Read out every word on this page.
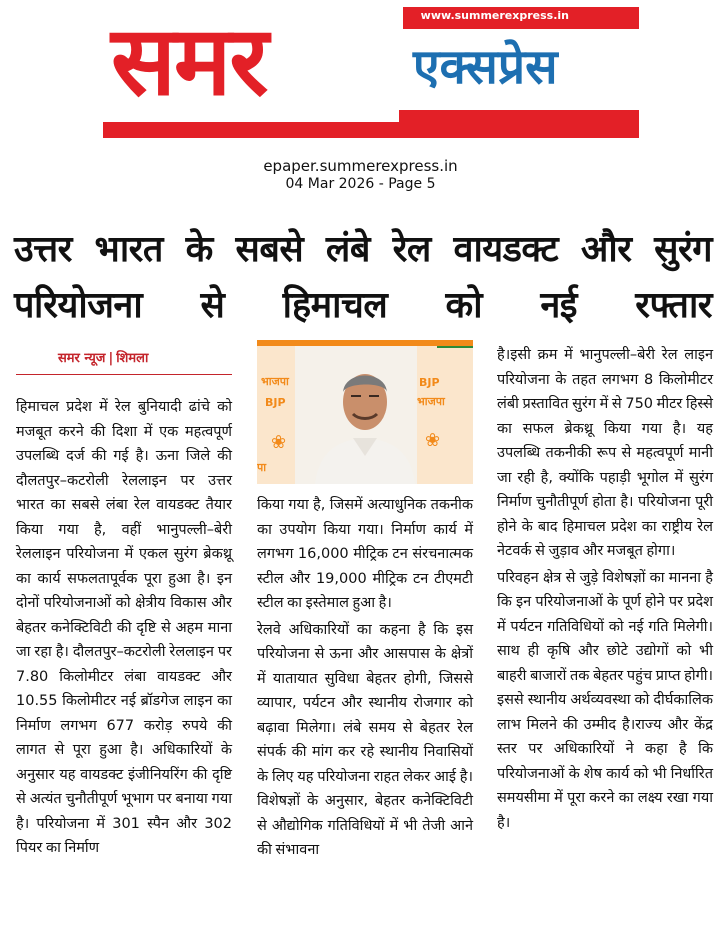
www.summerexpress.in
समर	एक्सप्रेस
epaper.summerexpress.in
04 Mar 2026 - Page 5
उत्तर भारत के सबसे लंबे रेल वायडक्ट और सुरंग परियोजना से हिमाचल को नई रफ्तार
समर न्यूज | शिमला
भाजपा
BJP
BJP
भाजपा
पा
❀	❀

हिमाचल प्रदेश में रेल बुनियादी ढांचे को मजबूत करने की दिशा में एक महत्वपूर्ण उपलब्धि दर्ज की गई है। ऊना जिले की दौलतपुर–कटरोली रेललाइन पर उत्तर भारत का सबसे लंबा रेल वायडक्ट तैयार किया गया है, वहीं भानुपल्ली–बेरी रेललाइन परियोजना में एकल सुरंग ब्रेकथ्रू का कार्य सफलतापूर्वक पूरा हुआ है। इन दोनों परियोजनाओं को क्षेत्रीय विकास और बेहतर कनेक्टिविटी की दृष्टि से अहम माना जा रहा है। दौलतपुर–कटरोली रेललाइन पर 7.80 किलोमीटर लंबा वायडक्ट और 10.55 किलोमीटर नई ब्रॉडगेज लाइन का निर्माण लगभग 677 करोड़ रुपये की लागत से पूरा हुआ है। अधिकारियों के अनुसार यह वायडक्ट इंजीनियरिंग की दृष्टि से अत्यंत चुनौतीपूर्ण भूभाग पर बनाया गया है। परियोजना में 301 स्पैन और 302 पियर का निर्माण

किया गया है, जिसमें अत्याधुनिक तकनीक का उपयोग किया गया। निर्माण कार्य में लगभग 16,000 मीट्रिक टन संरचनात्मक स्टील और 19,000 मीट्रिक टन टीएमटी स्टील का इस्तेमाल हुआ है।

रेलवे अधिकारियों का कहना है कि इस परियोजना से ऊना और आसपास के क्षेत्रों में यातायात सुविधा बेहतर होगी, जिससे व्यापार, पर्यटन और स्थानीय रोजगार को बढ़ावा मिलेगा। लंबे समय से बेहतर रेल संपर्क की मांग कर रहे स्थानीय निवासियों के लिए यह परियोजना राहत लेकर आई है। विशेषज्ञों के अनुसार, बेहतर कनेक्टिविटी से औद्योगिक गतिविधियों में भी तेजी आने की संभावना

है।इसी क्रम में भानुपल्ली–बेरी रेल लाइन परियोजना के तहत लगभग 8 किलोमीटर लंबी प्रस्तावित सुरंग में से 750 मीटर हिस्से का सफल ब्रेकथ्रू किया गया है। यह उपलब्धि तकनीकी रूप से महत्वपूर्ण मानी जा रही है, क्योंकि पहाड़ी भूगोल में सुरंग निर्माण चुनौतीपूर्ण होता है। परियोजना पूरी होने के बाद हिमाचल प्रदेश का राष्ट्रीय रेल नेटवर्क से जुड़ाव और मजबूत होगा।

परिवहन क्षेत्र से जुड़े विशेषज्ञों का मानना है कि इन परियोजनाओं के पूर्ण होने पर प्रदेश में पर्यटन गतिविधियों को नई गति मिलेगी। साथ ही कृषि और छोटे उद्योगों को भी बाहरी बाजारों तक बेहतर पहुंच प्राप्त होगी। इससे स्थानीय अर्थव्यवस्था को दीर्घकालिक लाभ मिलने की उम्मीद है।राज्य और केंद्र स्तर पर अधिकारियों ने कहा है कि परियोजनाओं के शेष कार्य को भी निर्धारित समयसीमा में पूरा करने का लक्ष्य रखा गया है।
